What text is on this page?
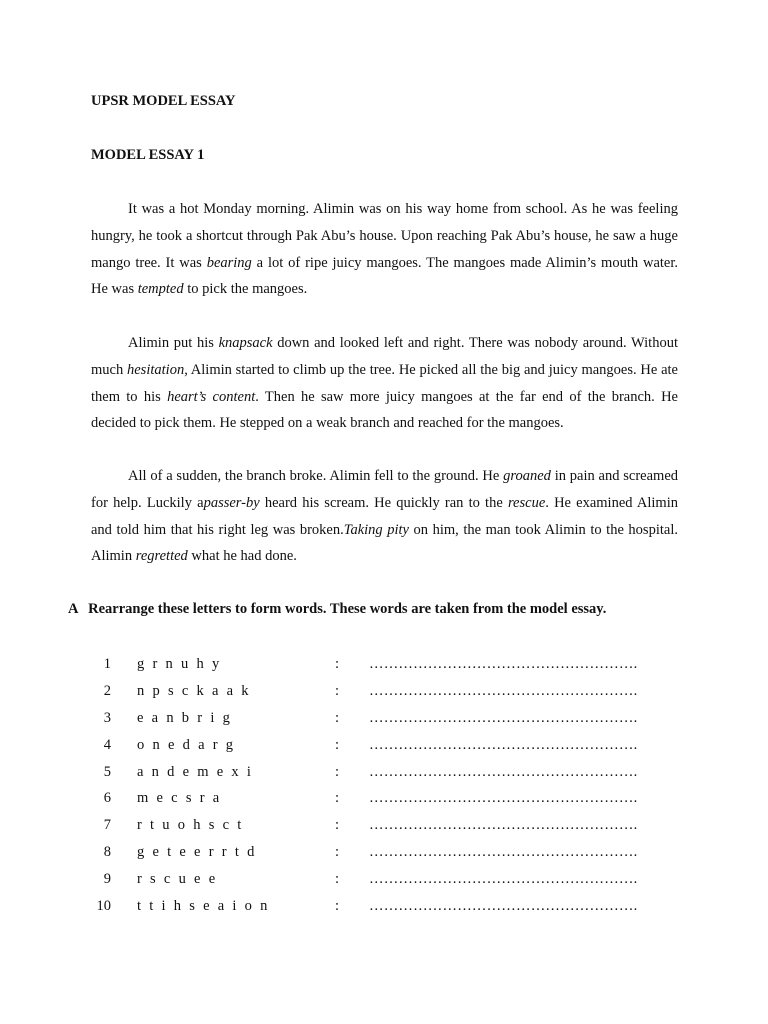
UPSR MODEL ESSAY
MODEL ESSAY 1
It was a hot Monday morning. Alimin was on his way home from school. As he was feeling hungry, he took a shortcut through Pak Abu’s house. Upon reaching Pak Abu’s house, he saw a huge mango tree. It was bearing a lot of ripe juicy mangoes. The mangoes made Alimin’s mouth water. He was tempted to pick the mangoes.
Alimin put his knapsack down and looked left and right. There was nobody around. Without much hesitation, Alimin started to climb up the tree. He picked all the big and juicy mangoes. He ate them to his heart’s content. Then he saw more juicy mangoes at the far end of the branch. He decided to pick them. He stepped on a weak branch and reached for the mangoes.
All of a sudden, the branch broke. Alimin fell to the ground. He groaned in pain and screamed for help. Luckily apasser-by heard his scream. He quickly ran to the rescue. He examined Alimin and told him that his right leg was broken.Taking pity on him, the man took Alimin to the hospital. Alimin regretted what he had done.
A Rearrange these letters to form words. These words are taken from the model essay.
1 g r n u h y	: ……………………………………………….
2 n p s c k a a k	: ……………………………………………….
3 e a n b r i g	: ……………………………………………….
4 o n e d a r g	: ……………………………………………….
5 a n d e m e x i	: ……………………………………………….
6 m e c s r a	: ……………………………………………….
7 r t u o h s c t	: ……………………………………………….
8 g e t e e r r t d	: ……………………………………………….
9 r s c u e e	: ……………………………………………….
10 t t i h s e a i o n	: ……………………………………………….
